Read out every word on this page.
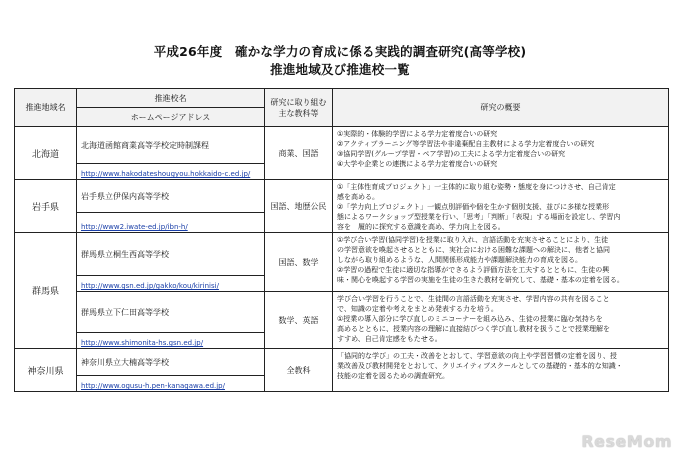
平成26年度　確かな学力の育成に係る実践的調査研究(高等学校)
推進地域及び推進校一覧
推進地域名	推進校名	研究に取り組む主な教科等	研究の概要
	ホームページアドレス		
北海道	北海道函館商業高等学校定時制課程	商業、国語	①実際的・体験的学習による学力定着度合いの研究
②アクティブラーニング等学習法や非違棄配自主教材による学力定着度合いの研究
③協同学習(グループ学習・ペア学習)の工夫による学力定着度合いの研究
④大学や企業との連携による学力定着度合いの研究

	http://www.hakodateshougyou.hokkaido-c.ed.jp/		
岩手県	岩手県立伊保内高等学校	国語、地歴公民	①「主体性育成プロジェクト」一主体的に取り組む姿勢・態度を身につけさせ、自己肯定
感を高める。
②「学力向上プロジェクト」一観点別評価や個を生かす個別支援、並びに多様な授業形
態によるワークショップ型授業を行い、「思考」「判断」「表現」する場面を設定し、学習内
容を　履的に探究する意識を高め、学力向上を図る。

	http://www2.iwate-ed.jp/ibn-h/		
群馬県	群馬県立桐生西高等学校	国語、数学	①学び合い学習(協同学習)を授業に取り入れ、言語活動を充実させることにより、生徒
の学習意欲を喚起させるとともに、実社会における困難な課題への解決に、他者と協同
しながら取り組めるような、人間関係形成能力や課題解決能力の育成を図る。
②学習の過程で生徒に適切な指導ができるよう評価方法を工夫するとともに、生徒の興
味・関心を喚起する学習の実施を生徒の生きた教材を研究して、基礎・基本の定着を図る。

	http://www.gsn.ed.jp/gakko/kou/kirinisi/		
	群馬県立下仁田高等学校	数学、英語	学び合い学習を行うことで、生徒間の言語活動を充実させ、学習内容の共有を図ること
で、知識の定着や考えをまとめ発表する力を培う。
①授業の導入部分に学び直しのミニコーナーを組み込み、生徒の授業に臨む気持ちを
高めるとともに、授業内容の理解に直接結びつく学び直し教材を扱うことで授業理解を
すすめ、自己肯定感をもたせる。

	http://www.shimonita-hs.gsn.ed.jp/		
神奈川県	神奈川県立大楠高等学校	全教科	「協同的な学び」の工夫・改善をとおして、学習意欲の向上や学習習慣の定着を図り、授
業改善及び教材開発をとおして、クリエイティブスクールとしての基礎的・基本的な知識・
技能の定着を図るための調査研究。

	http://www.ogusu-h.pen-kanagawa.ed.jp/		
ReseMom
